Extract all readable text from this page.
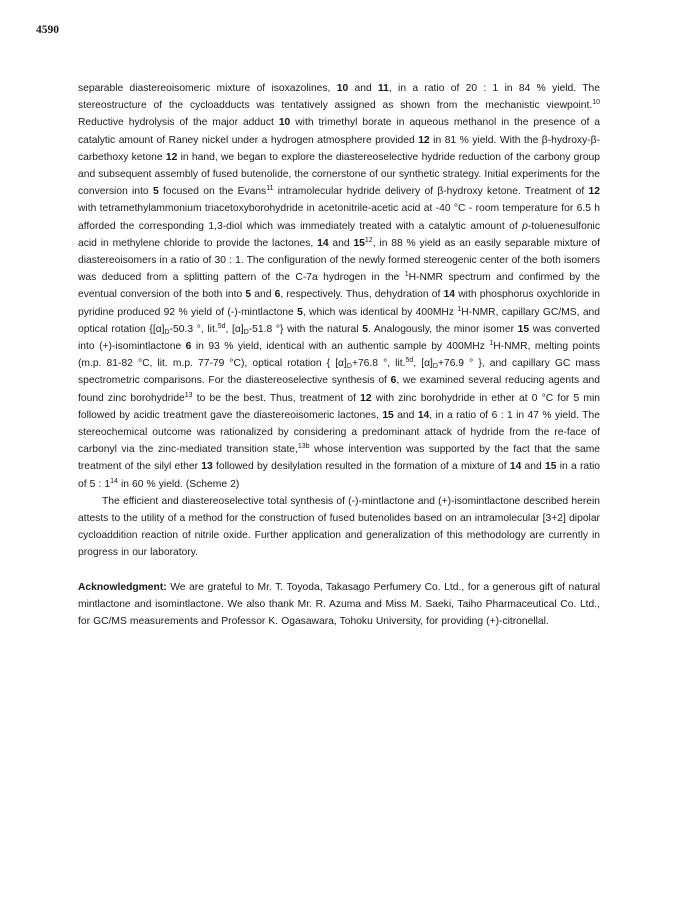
4590

separable diastereoisomeric mixture of isoxazolines, 10 and 11, in a ratio of 20 : 1 in 84 % yield. The stereostructure of the cycloadducts was tentatively assigned as shown from the mechanistic viewpoint.$^{10}$ Reductive hydrolysis of the major adduct 10 with trimethyl borate in aqueous methanol in the presence of a catalytic amount of Raney nickel under a hydrogen atmosphere provided 12 in 81 % yield. With the β-hydroxy-β-carbethoxy ketone 12 in hand, we began to explore the diastereoselective hydride reduction of the carbony group and subsequent assembly of fused butenolide, the cornerstone of our synthetic strategy. Initial experiments for the conversion into 5 focused on the Evans$^{11}$ intramolecular hydride delivery of β-hydroxy ketone. Treatment of 12 with tetramethylammonium triacetoxyborohydride in acetonitrile-acetic acid at -40 °C - room temperature for 6.5 h afforded the corresponding 1,3-diol which was immediately treated with a catalytic amount of p-toluenesulfonic acid in methylene chloride to provide the lactones, 14 and $15^{12}$, in 88 % yield as an easily separable mixture of diastereoisomers in a ratio of 30 : 1. The configuration of the newly formed stereogenic center of the both isomers was deduced from a splitting pattern of the C-7a hydrogen in the $^1$H-NMR spectrum and confirmed by the eventual conversion of the both into 5 and 6, respectively. Thus, dehydration of 14 with phosphorus oxychloride in pyridine produced 92 % yield of (-)-mintlactone 5, which was identical by 400MHz $^1$H-NMR, capillary GC/MS, and optical rotation {$[\alpha]_D-50.3$ °, lit.$^{5d}$, $[\alpha]_D-51.8$ °} with the natural 5. Analogously, the minor isomer 15 was converted into (+)-isomintlactone 6 in 93 % yield, identical with an authentic sample by 400MHz $^1$H-NMR, melting points (m.p. 81-82 °C, lit. m.p. 77-79 °C), optical rotation { $[\alpha]_D+76.8$ °, lit.$^{5d}$, $[\alpha]_D+76.9$ ° }, and capillary GC mass spectrometric comparisons. For the diastereoselective synthesis of 6, we examined several reducing agents and found zinc borohydride$^{13}$ to be the best. Thus, treatment of 12 with zinc borohydride in ether at 0 °C for 5 min followed by acidic treatment gave the diastereoisomeric lactones, 15 and 14, in a ratio of 6 : 1 in 47 % yield. The stereochemical outcome was rationalized by considering a predominant attack of hydride from the re-face of carbonyl via the zinc-mediated transition state,$^{13b}$ whose intervention was supported by the fact that the same treatment of the silyl ether 13 followed by desilylation resulted in the formation of a mixture of 14 and 15 in a ratio of 5 : $1^{14}$ in 60 % yield. (Scheme 2)

The efficient and diastereoselective total synthesis of (-)-mintlactone and (+)-isomintlactone described herein attests to the utility of a method for the construction of fused butenolides based on an intramolecular [3+2] dipolar cycloaddition reaction of nitrile oxide. Further application and generalization of this methodology are currently in progress in our laboratory.

Acknowledgment: We are grateful to Mr. T. Toyoda, Takasago Perfumery Co. Ltd., for a generous gift of natural mintlactone and isomintlactone. We also thank Mr. R. Azuma and Miss M. Saeki, Taiho Pharmaceutical Co. Ltd., for GC/MS measurements and Professor K. Ogasawara, Tohoku University, for providing (+)-citronellal.
